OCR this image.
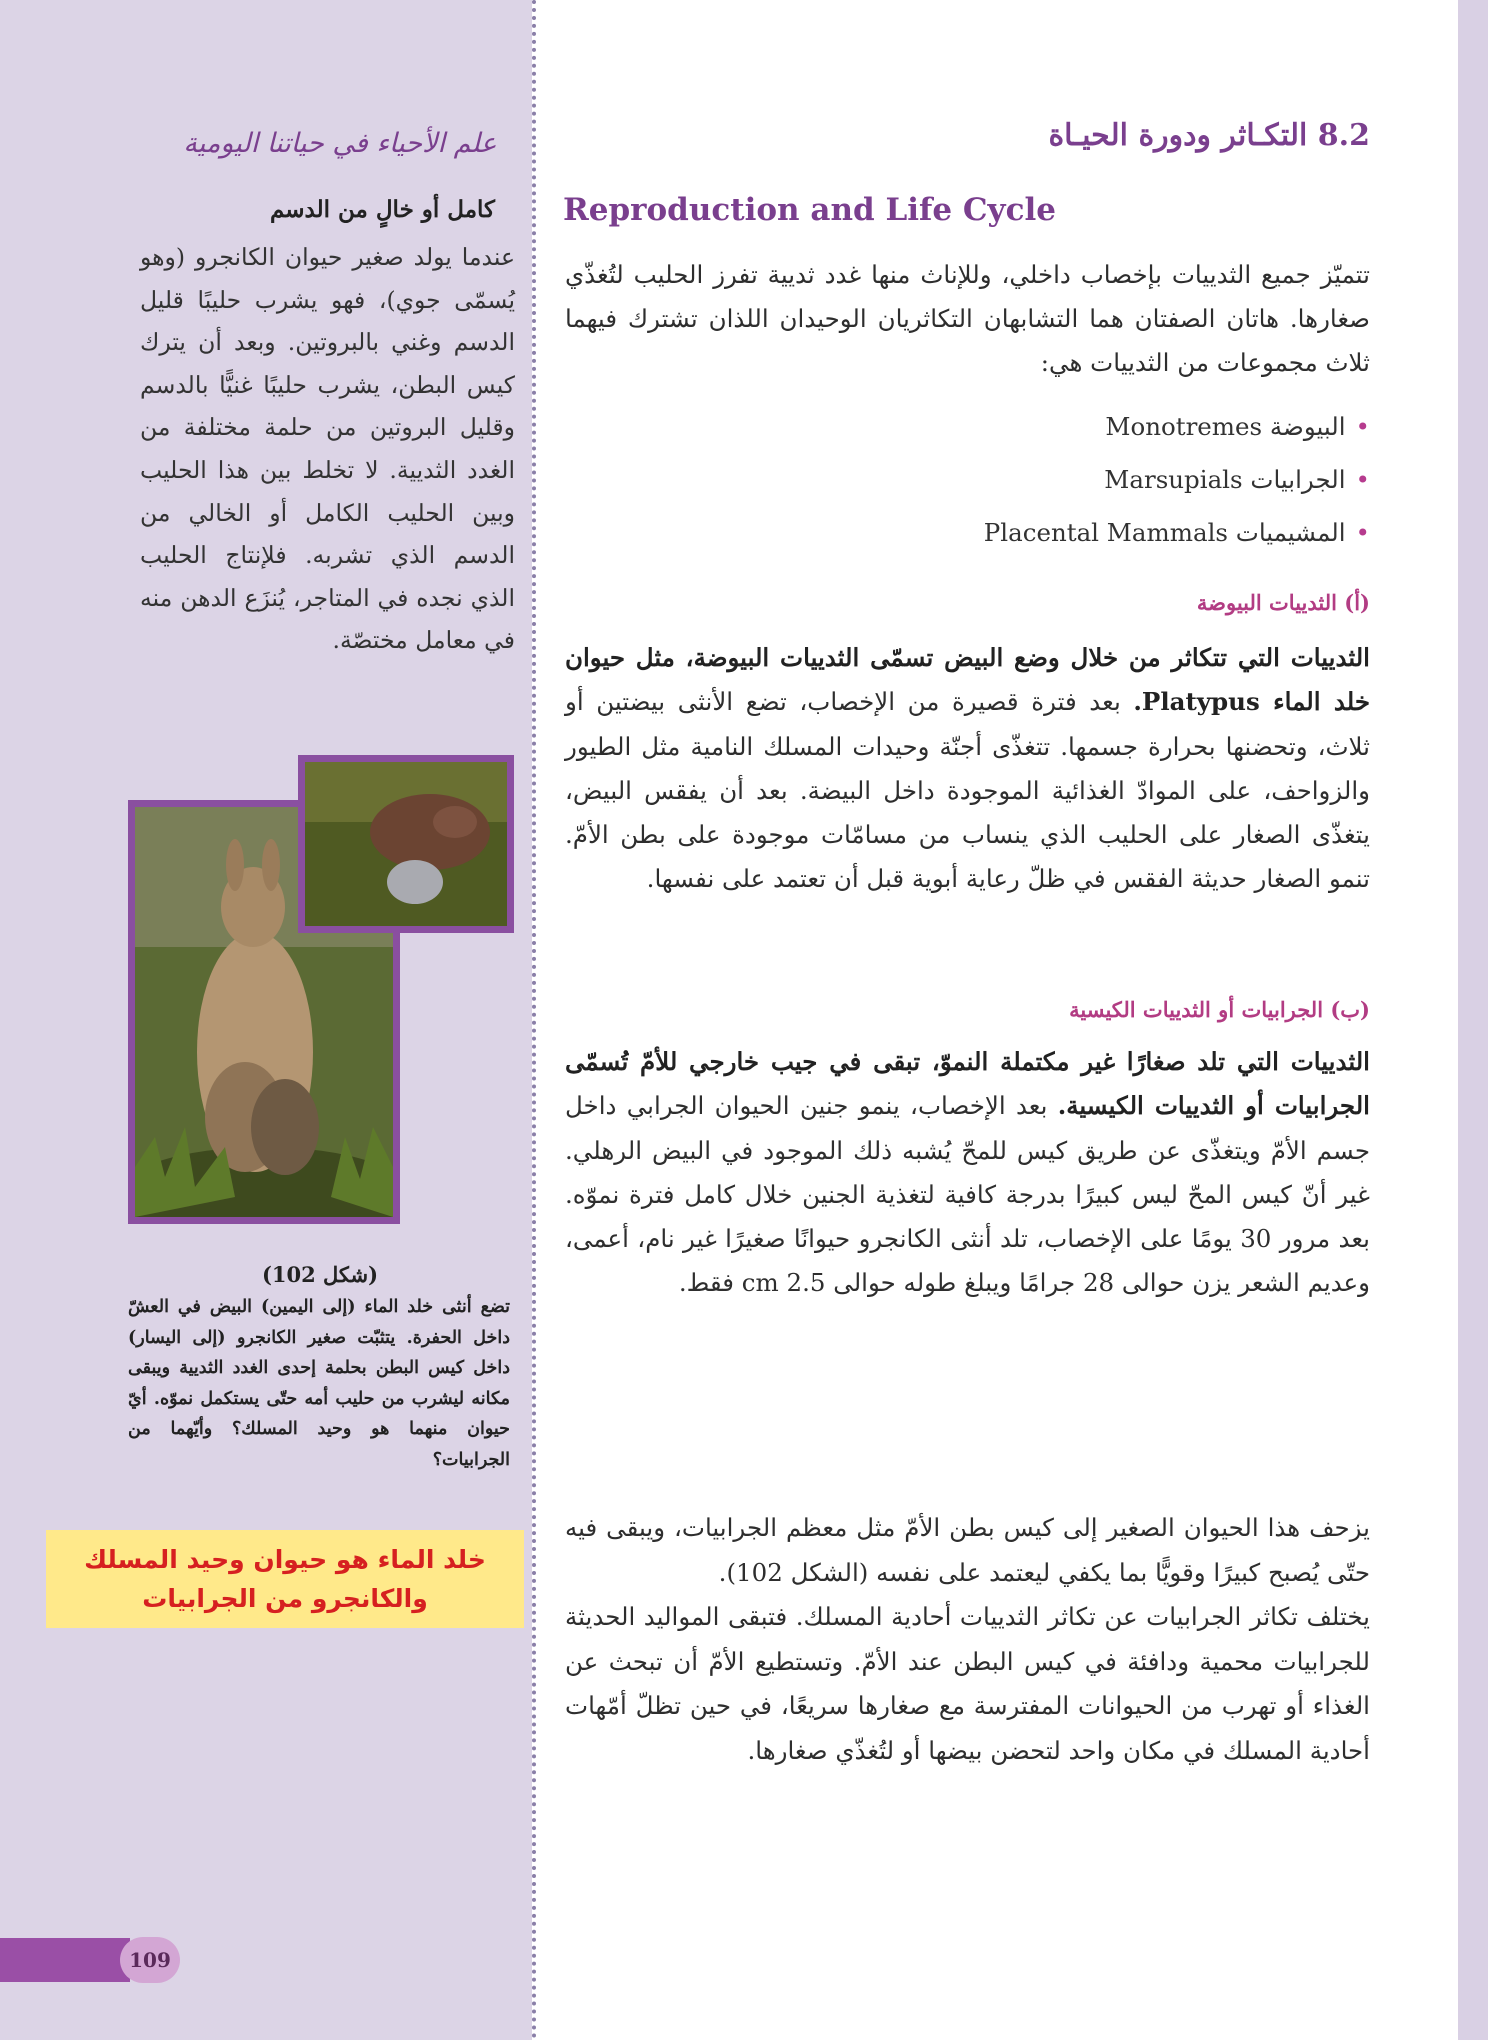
علم الأحياء في حياتنا اليومية
كامل أو خالٍ من الدسم
عندما يولد صغير حيوان الكانجرو (وهو يُسمّى جوي)، فهو يشرب حليبًا قليل الدسم وغني بالبروتين. وبعد أن يترك كيس البطن، يشرب حليبًا غنيًّا بالدسم وقليل البروتين من حلمة مختلفة من الغدد الثديية. لا تخلط بين هذا الحليب وبين الحليب الكامل أو الخالي من الدسم الذي تشربه. فلإنتاج الحليب الذي نجده في المتاجر، يُنزَع الدهن منه في معامل مختصّة.
(شكل 102)
تضع أنثى خلد الماء (إلى اليمين) البيض في العشّ داخل الحفرة. يتثبّت صغير الكانجرو (إلى اليسار) داخل كيس البطن بحلمة إحدى الغدد الثديية ويبقى مكانه ليشرب من حليب أمه حتّى يستكمل نموّه. أيّ حيوان منهما هو وحيد المسلك؟ وأيّهما من الجرابيات؟
خلد الماء هو حيوان وحيد المسلك
والكانجرو من الجرابيات
109
8.2 التكـاثر ودورة الحيـاة
Reproduction and Life Cycle
تتميّز جميع الثدييات بإخصاب داخلي، وللإناث منها غدد ثديية تفرز الحليب لتُغذّي صغارها. هاتان الصفتان هما التشابهان التكاثريان الوحيدان اللذان تشترك فيهما ثلاث مجموعات من الثدييات هي:
•البيوضة Monotremes
•الجرابيات Marsupials
•المشيميات Placental Mammals
(أ) الثدييات البيوضة
الثدييات التي تتكاثر من خلال وضع البيض تسمّى الثدييات البيوضة، مثل حيوان خلد الماء Platypus. بعد فترة قصيرة من الإخصاب، تضع الأنثى بيضتين أو ثلاث، وتحضنها بحرارة جسمها. تتغذّى أجنّة وحيدات المسلك النامية مثل الطيور والزواحف، على الموادّ الغذائية الموجودة داخل البيضة. بعد أن يفقس البيض، يتغذّى الصغار على الحليب الذي ينساب من مسامّات موجودة على بطن الأمّ. تنمو الصغار حديثة الفقس في ظلّ رعاية أبوية قبل أن تعتمد على نفسها.
(ب) الجرابيات أو الثدييات الكيسية
الثدييات التي تلد صغارًا غير مكتملة النموّ، تبقى في جيب خارجي للأمّ تُسمّى الجرابيات أو الثدييات الكيسية. بعد الإخصاب، ينمو جنين الحيوان الجرابي داخل جسم الأمّ ويتغذّى عن طريق كيس للمحّ يُشبه ذلك الموجود في البيض الرهلي. غير أنّ كيس المحّ ليس كبيرًا بدرجة كافية لتغذية الجنين خلال كامل فترة نموّه. بعد مرور 30 يومًا على الإخصاب، تلد أنثى الكانجرو حيوانًا صغيرًا غير نام، أعمى، وعديم الشعر يزن حوالى 28 جرامًا ويبلغ طوله حوالى 2.5 cm فقط.
يزحف هذا الحيوان الصغير إلى كيس بطن الأمّ مثل معظم الجرابيات، ويبقى فيه حتّى يُصبح كبيرًا وقويًّا بما يكفي ليعتمد على نفسه (الشكل 102).
يختلف تكاثر الجرابيات عن تكاثر الثدييات أحادية المسلك. فتبقى المواليد الحديثة للجرابيات محمية ودافئة في كيس البطن عند الأمّ. وتستطيع الأمّ أن تبحث عن الغذاء أو تهرب من الحيوانات المفترسة مع صغارها سريعًا، في حين تظلّ أمّهات أحادية المسلك في مكان واحد لتحضن بيضها أو لتُغذّي صغارها.
